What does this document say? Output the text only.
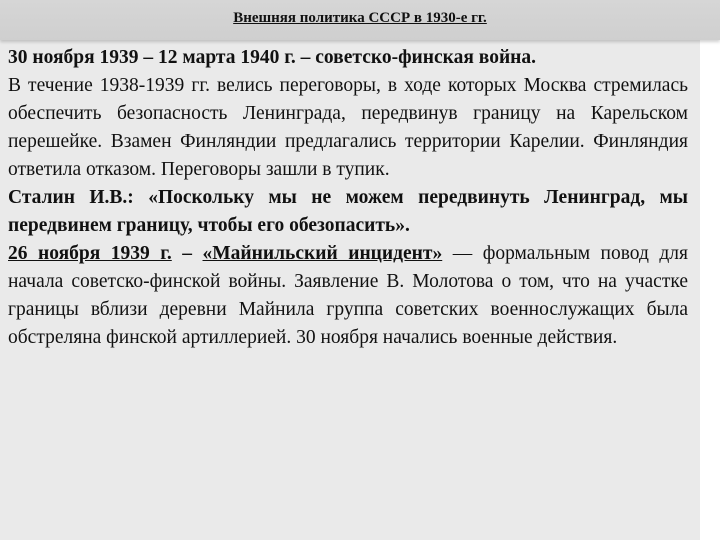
Внешняя политика СССР в 1930-е гг.

30 ноября 1939 – 12 марта 1940 г. – советско-финская война.

В течение 1938-1939 гг. велись переговоры, в ходе которых Москва стремилась обеспечить безопасность Ленинграда, передвинув границу на Карельском перешейке. Взамен Финляндии предлагались территории Карелии. Финляндия ответила отказом. Переговоры зашли в тупик.

Сталин И.В.: «Поскольку мы не можем передвинуть Ленинград, мы передвинем границу, чтобы его обезопасить».

26 ноября 1939 г. – «Майнильский инцидент» — формальным повод для начала советско-финской войны. Заявление В. Молотова о том, что на участке границы вблизи деревни Майнила группа советских военнослужащих была обстреляна финской артиллерией. 30 ноября начались военные действия.
